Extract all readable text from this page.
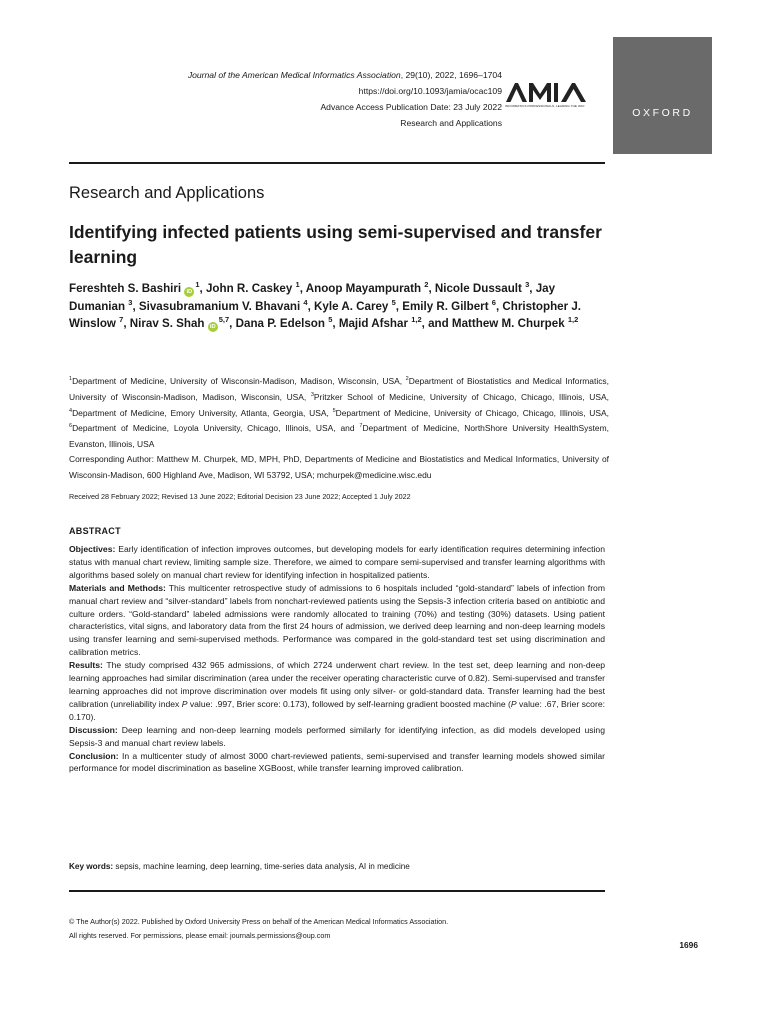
Journal of the American Medical Informatics Association, 29(10), 2022, 1696–1704
https://doi.org/10.1093/jamia/ocac109
Advance Access Publication Date: 23 July 2022
Research and Applications
INFORMATICS PROFESSIONALS. LEADING THE WAY.
OXFORD
Research and Applications
Identifying infected patients using semi-supervised and transfer learning
Fereshteh S. Bashiri $iD^1$, John R. Caskey $^1$, Anoop Mayampurath $^2$, Nicole Dussault $^3$, Jay Dumanian $^3$, Sivasubramanium V. Bhavani $^4$, Kyle A. Carey $^5$, Emily R. Gilbert $^6$, Christopher J. Winslow $^7$, Nirav S. Shah iD$^{5,7}$, Dana P. Edelson $^5$, Majid Afshar $^{1,2}$, and Matthew M. Churpek $^{1,2}$
$^1$Department of Medicine, University of Wisconsin-Madison, Madison, Wisconsin, USA, $^2$Department of Biostatistics and Medical Informatics, University of Wisconsin-Madison, Madison, Wisconsin, USA, $^3$Pritzker School of Medicine, University of Chicago, Chicago, Illinois, USA, $^4$Department of Medicine, Emory University, Atlanta, Georgia, USA, $^5$Department of Medicine, University of Chicago, Chicago, Illinois, USA, $^6$Department of Medicine, Loyola University, Chicago, Illinois, USA, and $^7$Department of Medicine, NorthShore University HealthSystem, Evanston, Illinois, USA
Corresponding Author: Matthew M. Churpek, MD, MPH, PhD, Departments of Medicine and Biostatistics and Medical Informatics, University of Wisconsin-Madison, 600 Highland Ave, Madison, WI 53792, USA; mchurpek@medicine.wisc.edu
Received 28 February 2022; Revised 13 June 2022; Editorial Decision 23 June 2022; Accepted 1 July 2022
ABSTRACT

Objectives: Early identification of infection improves outcomes, but developing models for early identification requires determining infection status with manual chart review, limiting sample size. Therefore, we aimed to compare semi-supervised and transfer learning algorithms with algorithms based solely on manual chart review for identifying infection in hospitalized patients.

Materials and Methods: This multicenter retrospective study of admissions to 6 hospitals included “gold-standard” labels of infection from manual chart review and “silver-standard” labels from nonchart-reviewed patients using the Sepsis-3 infection criteria based on antibiotic and culture orders. “Gold-standard” labeled admissions were randomly allocated to training (70%) and testing (30%) datasets. Using patient characteristics, vital signs, and laboratory data from the first 24 hours of admission, we derived deep learning and non-deep learning models using transfer learning and semi-supervised methods. Performance was compared in the gold-standard test set using discrimination and calibration metrics.

Results: The study comprised 432 965 admissions, of which 2724 underwent chart review. In the test set, deep learning and non-deep learning approaches had similar discrimination (area under the receiver operating characteristic curve of 0.82). Semi-supervised and transfer learning approaches did not improve discrimination over models fit using only silver- or gold-standard data. Transfer learning had the best calibration (unreliability index P value: .997, Brier score: 0.173), followed by self-learning gradient boosted machine (P value: .67, Brier score: 0.170).

Discussion: Deep learning and non-deep learning models performed similarly for identifying infection, as did models developed using Sepsis-3 and manual chart review labels.

Conclusion: In a multicenter study of almost 3000 chart-reviewed patients, semi-supervised and transfer learning models showed similar performance for model discrimination as baseline XGBoost, while transfer learning improved calibration.

Key words: sepsis, machine learning, deep learning, time-series data analysis, AI in medicine
© The Author(s) 2022. Published by Oxford University Press on behalf of the American Medical Informatics Association.
All rights reserved. For permissions, please email: journals.permissions@oup.com
1696
